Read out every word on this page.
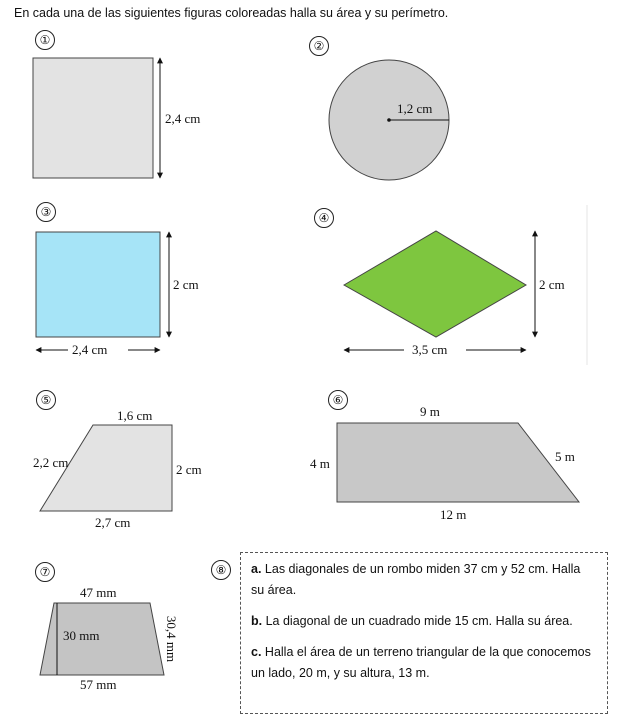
En cada una de las siguientes figuras coloreadas halla su área y su perímetro.
①	②
③	④
⑤	⑥
⑦	⑧
2,4 cm
1,2 cm
2 cm
2,4 cm
2 cm
3,5 cm
1,6 cm
2,2 cm	2 cm
2,7 cm
9 m
4 m	5 m
12 m
47 mm
30 mm	30,4 mm
57 mm

a. Las diagonales de un rombo miden 37 cm y 52 cm. Halla su área.

b. La diagonal de un cuadrado mide 15 cm. Halla su área.

c. Halla el área de un terreno triangular de la que conocemos un lado, 20 m, y su altura, 13 m.
